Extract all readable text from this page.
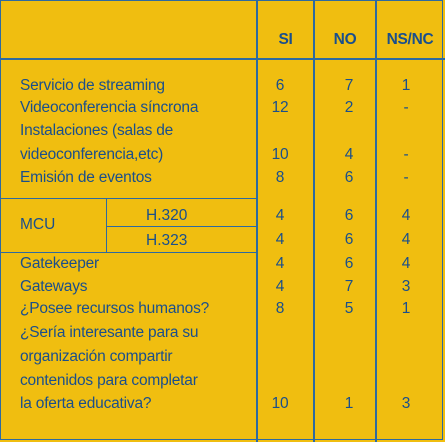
SI	NO	NS/NC
Servicio de streaming	6	7	1
Videoconferencia síncrona	12	2	-
Instalaciones (salas de
videoconferencia,etc)	10	4	-
Emisión de eventos	8	6	-
MCU
H.320	4	6	4
H.323	4	6	4
Gatekeeper	4	6	4
Gateways	4	7	3
¿Posee recursos humanos?	8	5	1
¿Sería interesante para su
organización compartir
contenidos para completar
la oferta educativa?	10	1	3
